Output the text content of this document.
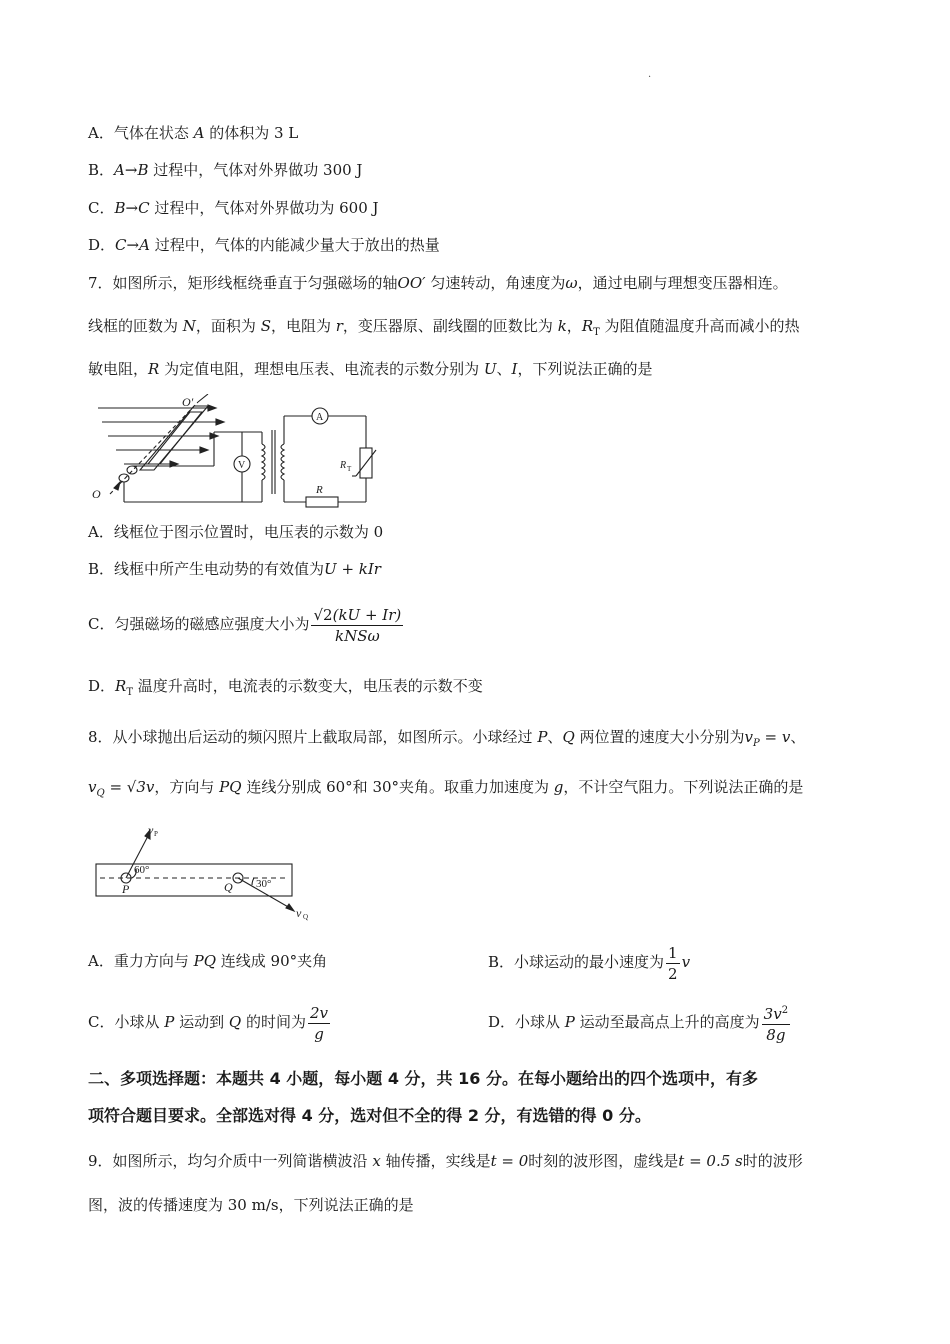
·
A．气体在状态 A 的体积为 3 L
B．A→B 过程中，气体对外界做功 300 J
C．B→C 过程中，气体对外界做功为 600 J
D．C→A 过程中，气体的内能减少量大于放出的热量
7．如图所示，矩形线框绕垂直于匀强磁场的轴OO′ 匀速转动，角速度为ω，通过电刷与理想变压器相连。
线框的匝数为 N，面积为 S，电阻为 r，变压器原、副线圈的匝数比为 k，$R_T$ 为阻值随温度升高而减小的热
敏电阻，R 为定值电阻，理想电压表、电流表的示数分别为 U、I，下列说法正确的是
O′
O
A
V	R T
R
A．线框位于图示位置时，电压表的示数为 0
B．线框中所产生电动势的有效值为U + kIr
C．匀强磁场的磁感应强度大小为 $\frac{√2(kU + Ir)}{\text{kNSω}}$
D．$R_T$ 温度升高时，电流表的示数变大，电压表的示数不变
8．从小球抛出后运动的频闪照片上截取局部，如图所示。小球经过 P、Q 两位置的速度大小分别为$v_P = v$、
$v_Q = √3v$，方向与 PQ 连线分别成 60°和 30°夹角。取重力加速度为 g，不计空气阻力。下列说法正确的是
v P
60°
30°
P	Q
v Q
A．重力方向与 PQ 连线成 90°夹角	B．小球运动的最小速度为 $\frac{1}{2}$ v
C．小球从 P 运动到 Q 的时间为 $\frac{2v}{g}$	D．小球从 P 运动至最高点上升的高度为 $\frac{3v^2}{8g}$
二、多项选择题：本题共 4 小题，每小题 4 分，共 16 分。在每小题给出的四个选项中，有多
项符合题目要求。全部选对得 4 分，选对但不全的得 2 分，有选错的得 0 分。
9．如图所示，均匀介质中一列简谐横波沿 x 轴传播，实线是t = 0时刻的波形图，虚线是t = 0.5 s时的波形
图，波的传播速度为 30 m/s，下列说法正确的是
